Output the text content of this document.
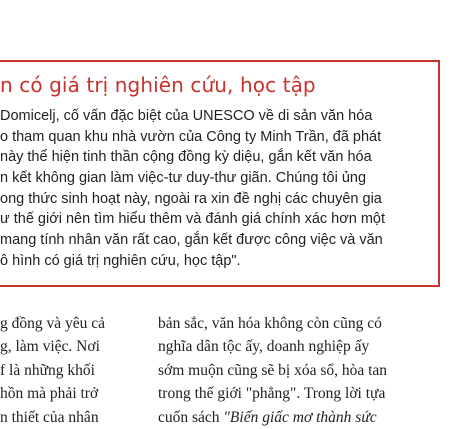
n có giá trị nghiên cứu, học tập
Domicelj, cố vấn đặc biệt của UNESCO về di sản văn hóa
o tham quan khu nhà vườn của Công ty Minh Trần, đã phát
này thể hiện tinh thần cộng đồng kỳ diệu, gắn kết văn hóa
n kết không gian làm việc-tư duy-thư giãn. Chúng tôi ủng
ong thức sinh hoạt này, ngoài ra xin đề nghị các chuyên gia
ư thế giới nên tìm hiểu thêm và đánh giá chính xác hơn một
mang tính nhân văn rất cao, gắn kết được công việc và văn
ô hình có giá trị nghiên cứu, học tập".
g đồng và yêu cả
g, làm việc. Nơi
f là những khối
hồn mà phải trở
n thiết của nhân
bản sắc, văn hóa không còn cũng có
nghĩa dân tộc ấy, doanh nghiệp ấy
sớm muộn cũng sẽ bị xóa sổ, hòa tan
trong thế giới "phẳng". Trong lời tựa
cuốn sách "Biến giấc mơ thành sức
